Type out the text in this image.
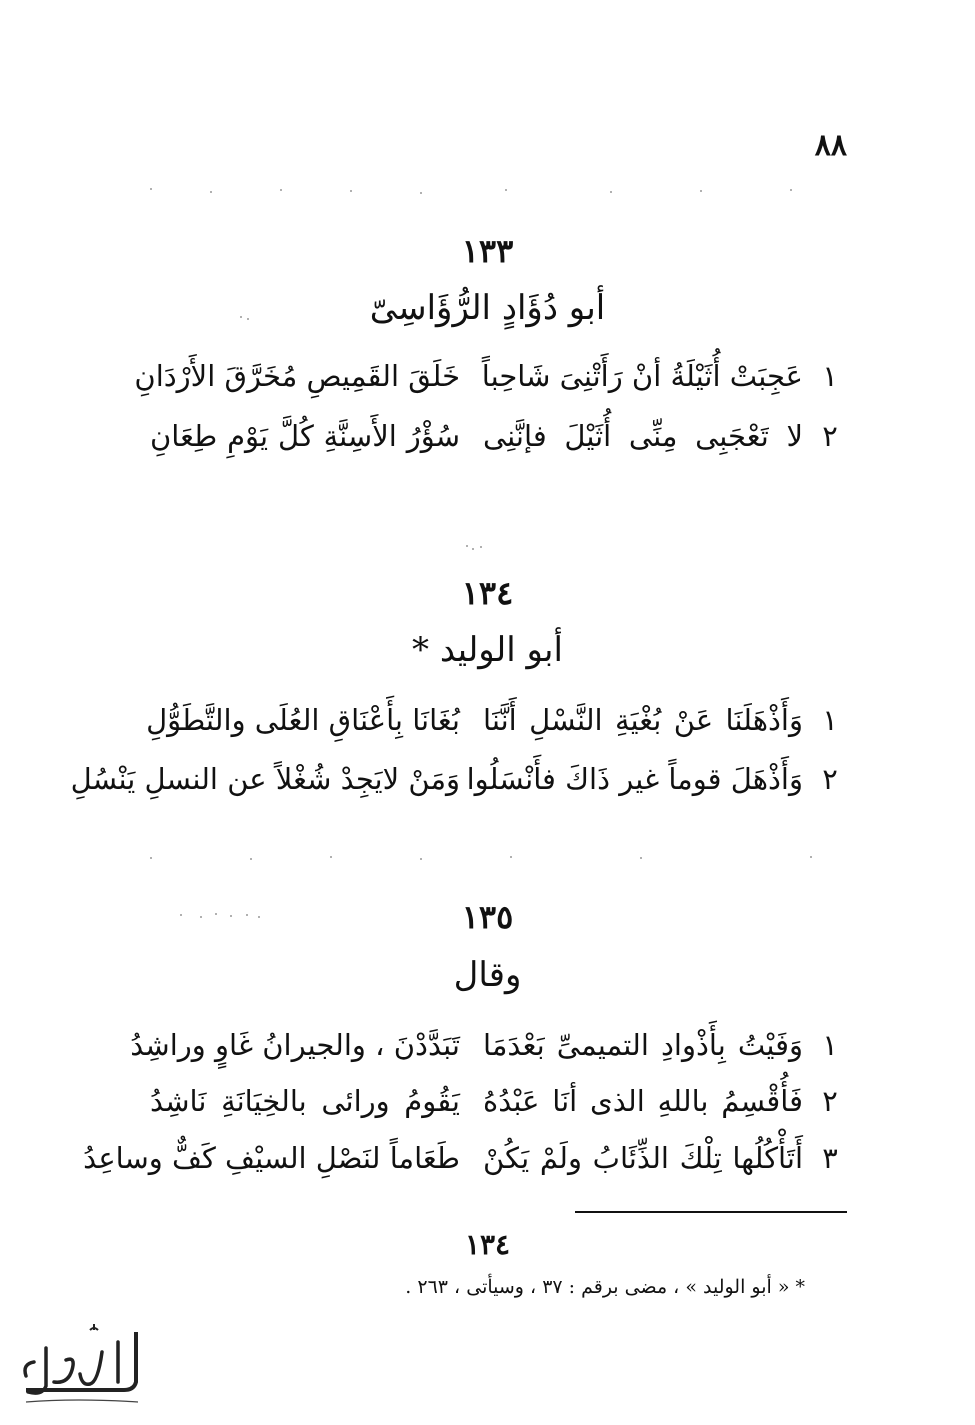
٨٨
١٣٣
أبو دُؤَادٍ الرُّؤَاسِىّ
١
عَجِبَتْ أُثَيْلَةُ أنْ رَأَتْنِىَ شَاحِباً
خَلَقَ القَمِيصِ مُخَرَّقَ الأَرْدَانِ
٢
لا تَعْجَبِى مِنِّى أُثَيْلَ فإنَّنِى
سُؤْرُ الأَسِنَّةِ كُلَّ يَوْمِ طِعَانِ
١٣٤
أبو الوليد *
١
وَأَذْهَلَنَا عَنْ بُغْيَةِ النَّسْلِ أَنَّنَا
بُغَانَا بِأَعْنَاقِ العُلَى والتَّطَوُّلِ
٢
وَأَذْهَلَ قوماً غير ذَاكَ فأَنْسَلُوا
وَمَنْ لايَجِدْ شُغْلاً عن النسلِ يَنْسُلِ
١٣٥
وقال
١
وَفَيْتُ بِأَذْوادِ التميمىِّ بَعْدَمَا
تَبَدَّدْنَ ، والجيرانُ غَاوٍ وراشِدُ
٢
فَأُقْسِمُ باللهِ الذى أنَا عَبْدُهُ
يَقُومُ ورائى بالخِيَانَةِ نَاشِدُ
٣
أَتَأْكُلُها تِلْكَ الذِّئَابُ ولَمْ يَكُنْ
طَعَاماً لنَصْلِ السيْفِ كَفٌّ وساعِدُ
١٣٤
* « أبو الوليد » ، مضى برقم : ٣٧ ، وسيأتى ، ٢٦٣ .
